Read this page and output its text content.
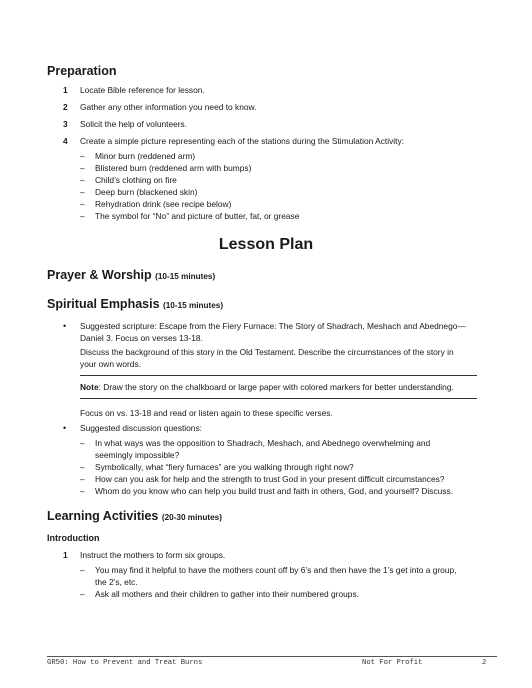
Preparation
1 Locate Bible reference for lesson.
2 Gather any other information you need to know.
3 Solicit the help of volunteers.
4 Create a simple picture representing each of the stations during the Stimulation Activity:
– Minor burn (reddened arm)
– Blistered burn (reddened arm with bumps)
– Child’s clothing on fire
– Deep burn (blackened skin)
– Rehydration drink (see recipe below)
– The symbol for “No” and picture of butter, fat, or grease
Lesson Plan
Prayer & Worship (10-15 minutes)
Spiritual Emphasis (10-15 minutes)
• Suggested scripture: Escape from the Fiery Furnace: The Story of Shadrach, Meshach and Abednego—
Daniel 3. Focus on verses 13-18.
Discuss the background of this story in the Old Testament. Describe the circumstances of the story in
your own words.
Note: Draw the story on the chalkboard or large paper with colored markers for better understanding.
Focus on vs. 13-18 and read or listen again to these specific verses.
• Suggested discussion questions:
– In what ways was the opposition to Shadrach, Meshach, and Abednego overwhelming and
seemingly impossible?
– Symbolically, what “fiery furnaces” are you walking through right now?
– How can you ask for help and the strength to trust God in your present difficult circumstances?
– Whom do you know who can help you build trust and faith in others, God, and yourself? Discuss.
Learning Activities (20-30 minutes)
Introduction
1 Instruct the mothers to form six groups.
– You may find it helpful to have the mothers count off by 6’s and then have the 1’s get into a group,
the 2’s, etc.
– Ask all mothers and their children to gather into their numbered groups.
GR50: How to Prevent and Treat Burns	Not For Profit	2
